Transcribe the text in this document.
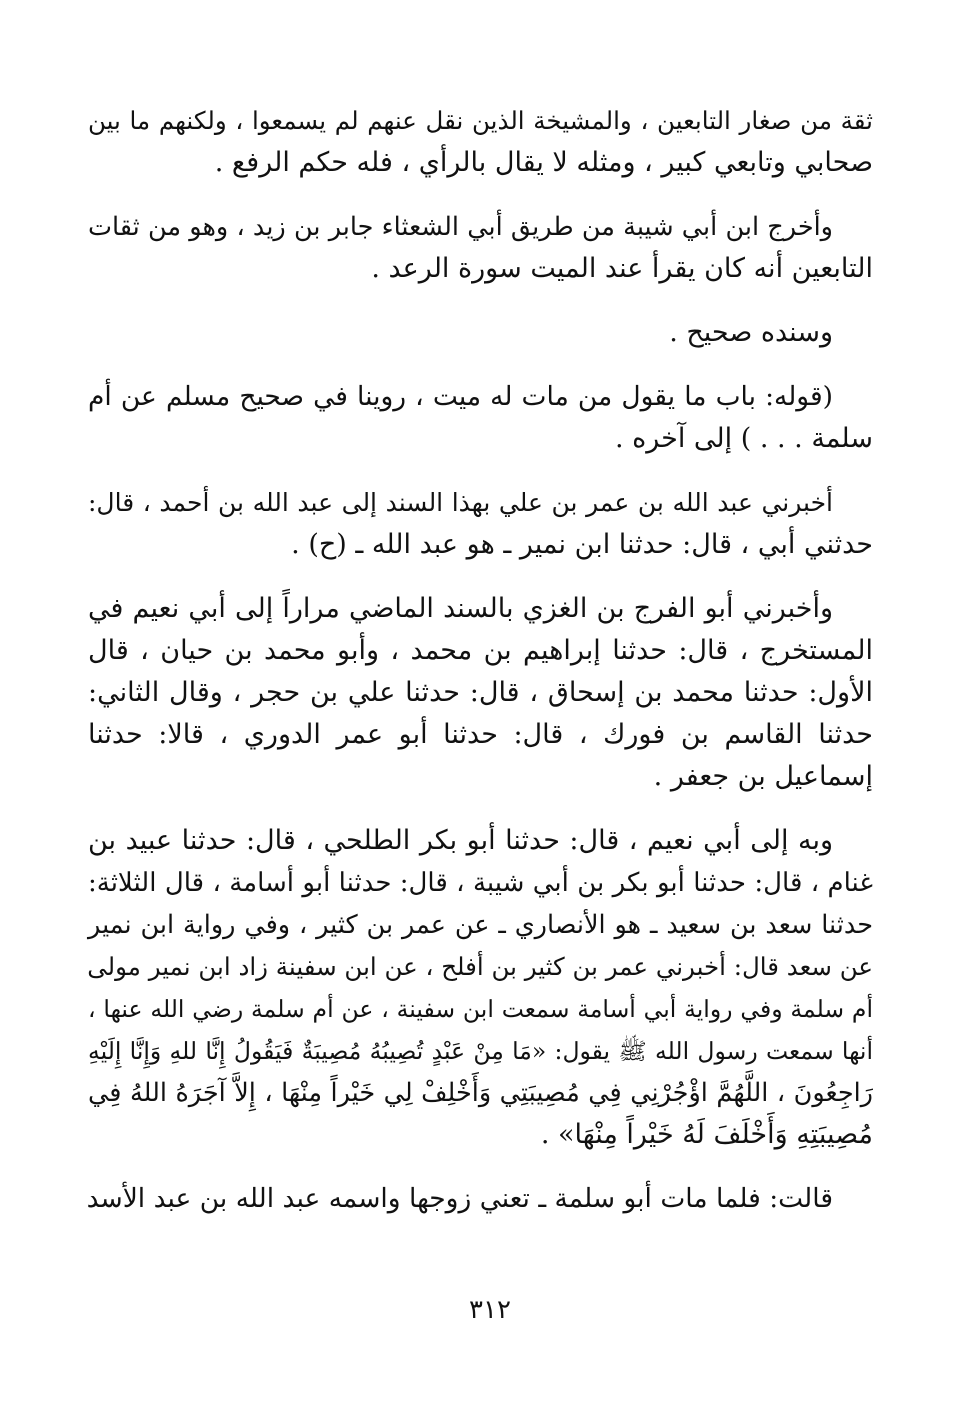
ثقة من صغار التابعين ، والمشيخة الذين نقل عنهم لم يسمعوا ، ولكنهم ما بين
صحابي وتابعي كبير ، ومثله لا يقال بالرأي ، فله حكم الرفع .
وأخرج ابن أبي شيبة من طريق أبي الشعثاء جابر بن زيد ، وهو من ثقات
التابعين أنه كان يقرأ عند الميت سورة الرعد .
وسنده صحيح .
(قوله: باب ما يقول من مات له ميت ، روينا في صحيح مسلم عن أم
سلمة . . . ) إلى آخره .
أخبرني عبد الله بن عمر بن علي بهذا السند إلى عبد الله بن أحمد ، قال:
حدثني أبي ، قال: حدثنا ابن نمير ـ هو عبد الله ـ (ح) .
وأخبرني أبو الفرج بن الغزي بالسند الماضي مراراً إلى أبي نعيم في
المستخرج ، قال: حدثنا إبراهيم بن محمد ، وأبو محمد بن حيان ، قال
الأول: حدثنا محمد بن إسحاق ، قال: حدثنا علي بن حجر ، وقال الثاني:
حدثنا القاسم بن فورك ، قال: حدثنا أبو عمر الدوري ، قالا: حدثنا
إسماعيل بن جعفر .
وبه إلى أبي نعيم ، قال: حدثنا أبو بكر الطلحي ، قال: حدثنا عبيد بن
غنام ، قال: حدثنا أبو بكر بن أبي شيبة ، قال: حدثنا أبو أسامة ، قال الثلاثة:
حدثنا سعد بن سعيد ـ هو الأنصاري ـ عن عمر بن كثير ، وفي رواية ابن نمير
عن سعد قال: أخبرني عمر بن كثير بن أفلح ، عن ابن سفينة زاد ابن نمير مولى
أم سلمة وفي رواية أبي أسامة سمعت ابن سفينة ، عن أم سلمة رضي الله عنها ،
أنها سمعت رسول الله ﷺ يقول: «مَا مِنْ عَبْدٍ تُصِيبُهُ مُصِيبَةٌ فَيَقُولُ إِنَّا للهِ وَإِنَّا إِلَيْهِ
رَاجِعُونَ ، اللَّهُمَّ اؤْجُرْنِي فِي مُصِيبَتِي وَأَخْلِفْ لِي خَيْراً مِنْهَا ، إِلاَّ آجَرَهُ اللهُ فِي
مُصِيبَتِهِ وَأَخْلَفَ لَهُ خَيْراً مِنْهَا» .
قالت: فلما مات أبو سلمة ـ تعني زوجها واسمه عبد الله بن عبد الأسد
٣١٢
